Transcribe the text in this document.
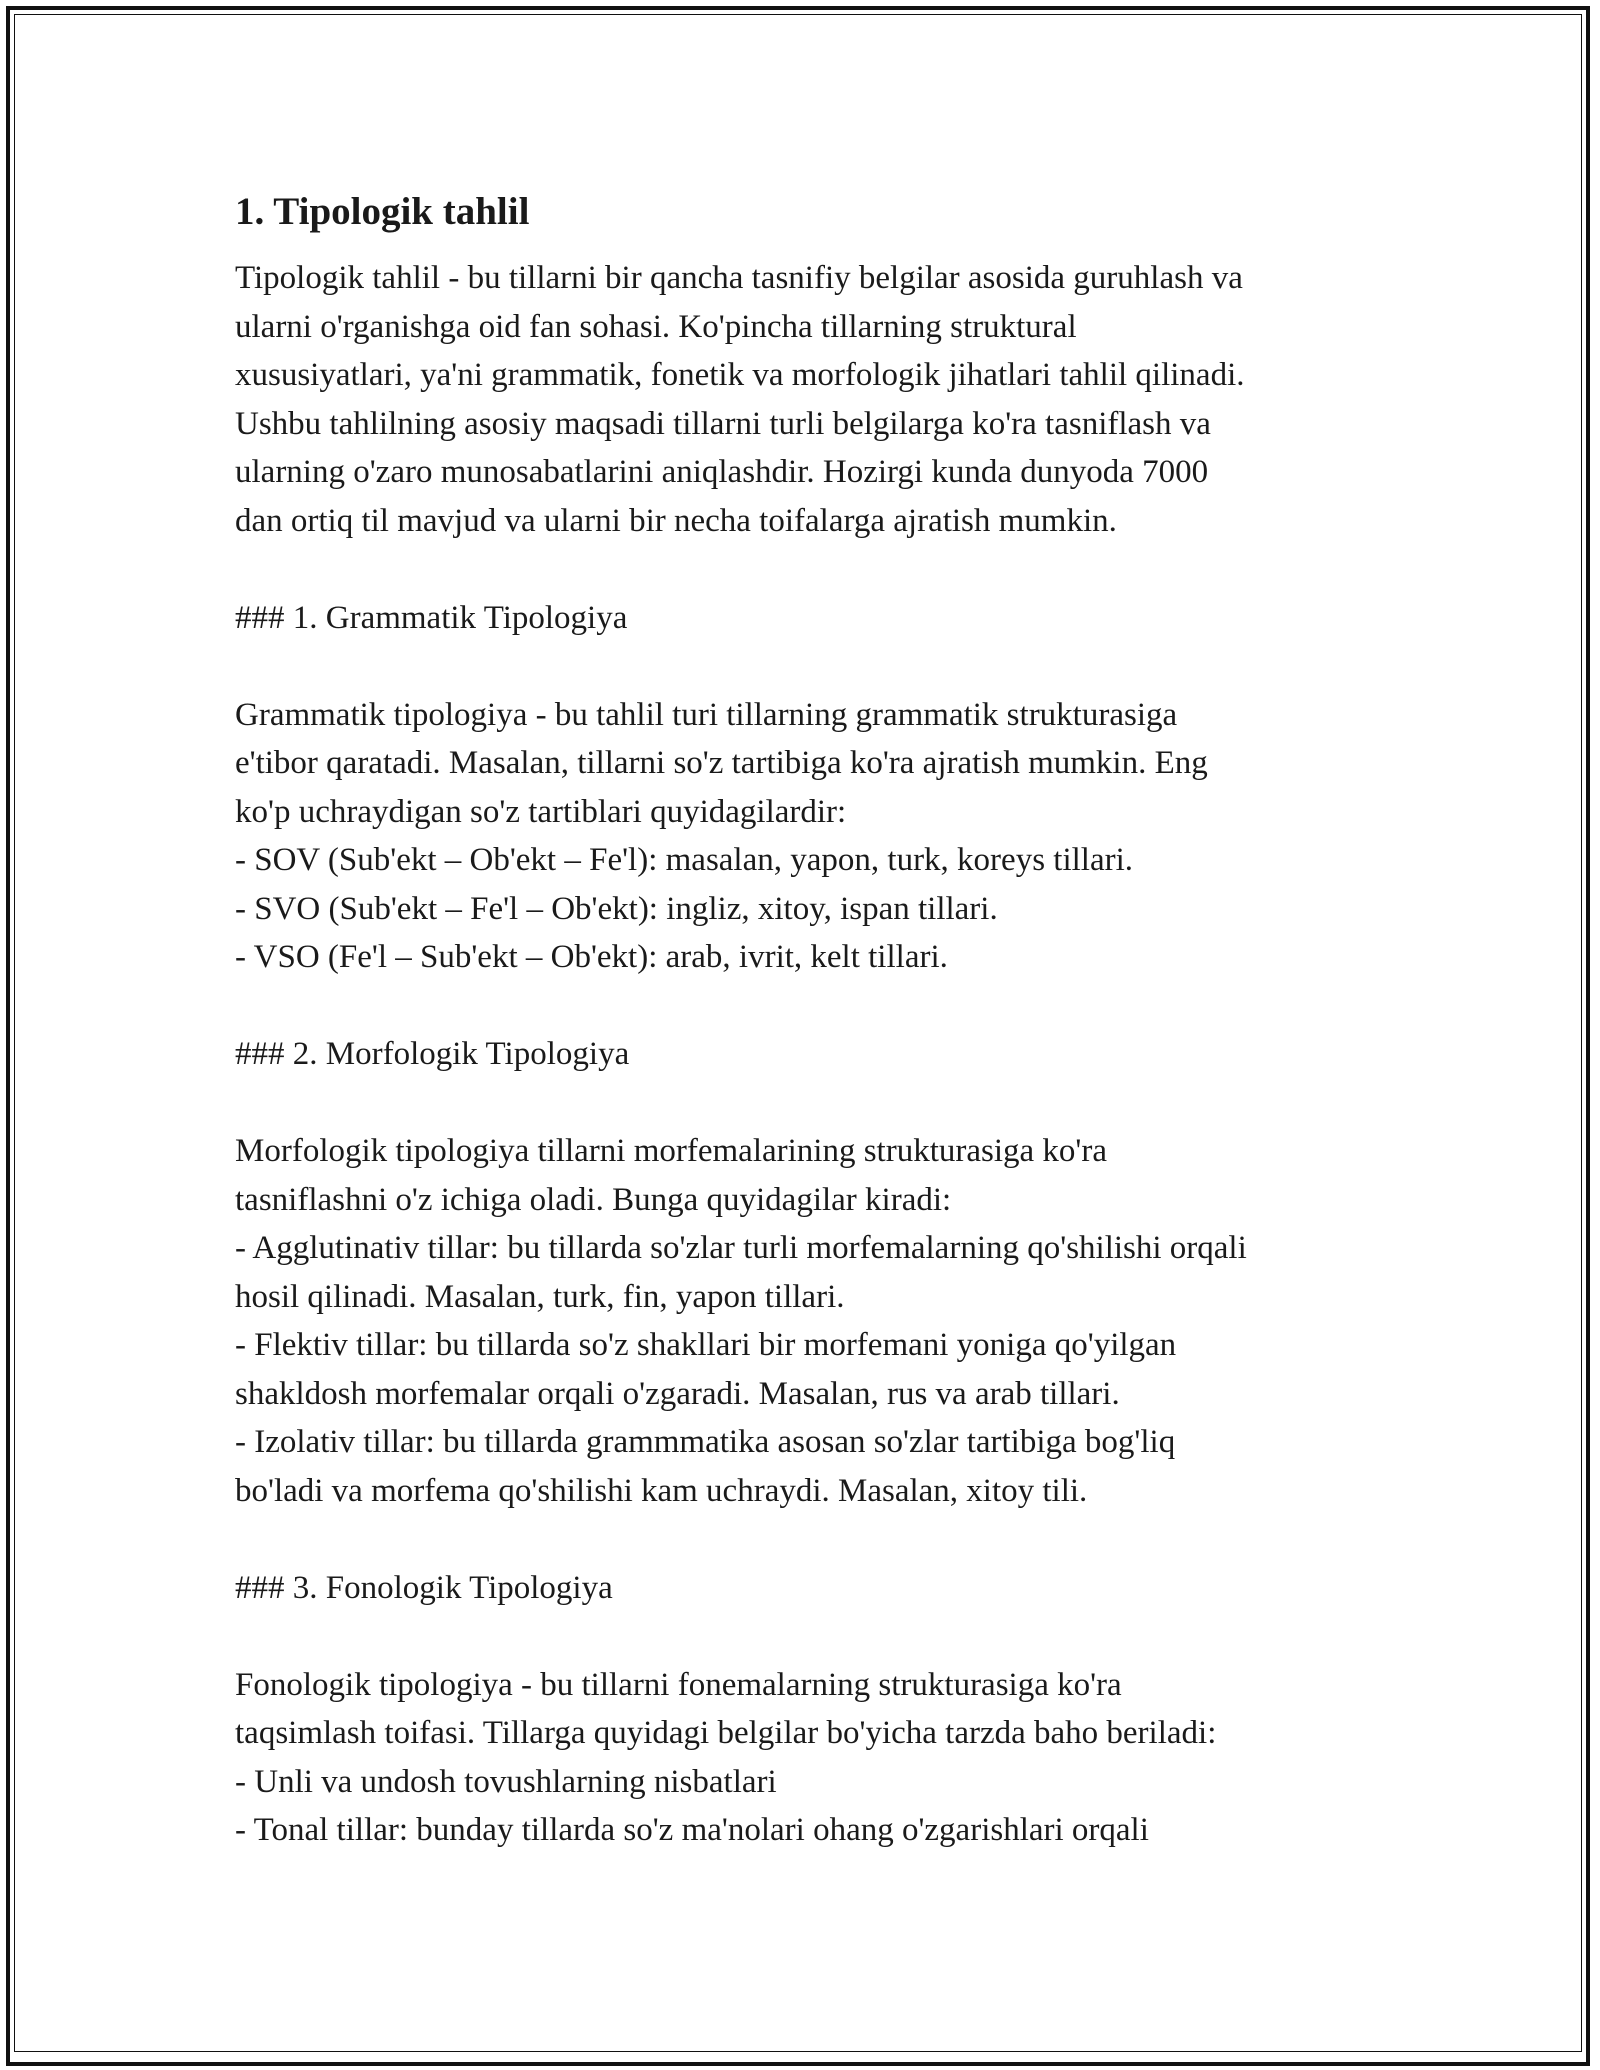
1. Tipologik tahlil

Tipologik tahlil - bu tillarni bir qancha tasnifiy belgilar asosida guruhlash va

ularni o'rganishga oid fan sohasi. Ko'pincha tillarning struktural

xususiyatlari, ya'ni grammatik, fonetik va morfologik jihatlari tahlil qilinadi.

Ushbu tahlilning asosiy maqsadi tillarni turli belgilarga ko'ra tasniflash va

ularning o'zaro munosabatlarini aniqlashdir. Hozirgi kunda dunyoda 7000

dan ortiq til mavjud va ularni bir necha toifalarga ajratish mumkin.

### 1. Grammatik Tipologiya

Grammatik tipologiya - bu tahlil turi tillarning grammatik strukturasiga

e'tibor qaratadi. Masalan, tillarni so'z tartibiga ko'ra ajratish mumkin. Eng

ko'p uchraydigan so'z tartiblari quyidagilardir:

- SOV (Sub'ekt – Ob'ekt – Fe'l): masalan, yapon, turk, koreys tillari.

- SVO (Sub'ekt – Fe'l – Ob'ekt): ingliz, xitoy, ispan tillari.

- VSO (Fe'l – Sub'ekt – Ob'ekt): arab, ivrit, kelt tillari.

### 2. Morfologik Tipologiya

Morfologik tipologiya tillarni morfemalarining strukturasiga ko'ra

tasniflashni o'z ichiga oladi. Bunga quyidagilar kiradi:

- Agglutinativ tillar: bu tillarda so'zlar turli morfemalarning qo'shilishi orqali

hosil qilinadi. Masalan, turk, fin, yapon tillari.

- Flektiv tillar: bu tillarda so'z shakllari bir morfemani yoniga qo'yilgan

shakldosh morfemalar orqali o'zgaradi. Masalan, rus va arab tillari.

- Izolativ tillar: bu tillarda grammmatika asosan so'zlar tartibiga bog'liq

bo'ladi va morfema qo'shilishi kam uchraydi. Masalan, xitoy tili.

### 3. Fonologik Tipologiya

Fonologik tipologiya - bu tillarni fonemalarning strukturasiga ko'ra

taqsimlash toifasi. Tillarga quyidagi belgilar bo'yicha tarzda baho beriladi:

- Unli va undosh tovushlarning nisbatlari

- Tonal tillar: bunday tillarda so'z ma'nolari ohang o'zgarishlari orqali
